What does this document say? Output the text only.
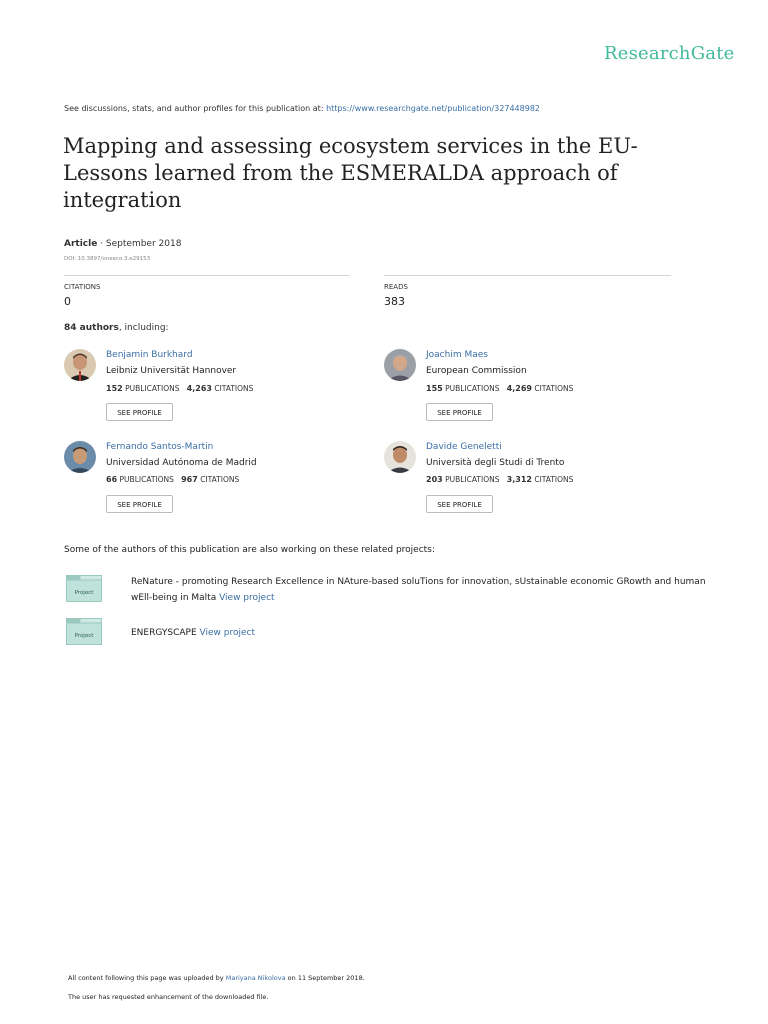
ResearchGate
See discussions, stats, and author profiles for this publication at: https://www.researchgate.net/publication/327448982
Mapping and assessing ecosystem services in the EU-Lessons learned from the ESMERALDA approach of integration
Article · September 2018
DOI: 10.3897/oneeco.3.e29153
CITATIONS
0
READS
383
84 authors, including:
Benjamin Burkhard
Leibniz Universität Hannover
152 PUBLICATIONS 4,263 CITATIONS
SEE PROFILE
Joachim Maes
European Commission
155 PUBLICATIONS 4,269 CITATIONS
SEE PROFILE
Fernando Santos-Martin
Universidad Autónoma de Madrid
66 PUBLICATIONS 967 CITATIONS
SEE PROFILE
Davide Geneletti
Università degli Studi di Trento
203 PUBLICATIONS 3,312 CITATIONS
SEE PROFILE
Some of the authors of this publication are also working on these related projects:
Project
ReNature - promoting Research Excellence in NAture-based soluTions for innovation, sUstainable economic GRowth and human wEll-being in Malta View project
Project	ENERGYSCAPE View project
All content following this page was uploaded by Mariyana Nikolova on 11 September 2018.
The user has requested enhancement of the downloaded file.
